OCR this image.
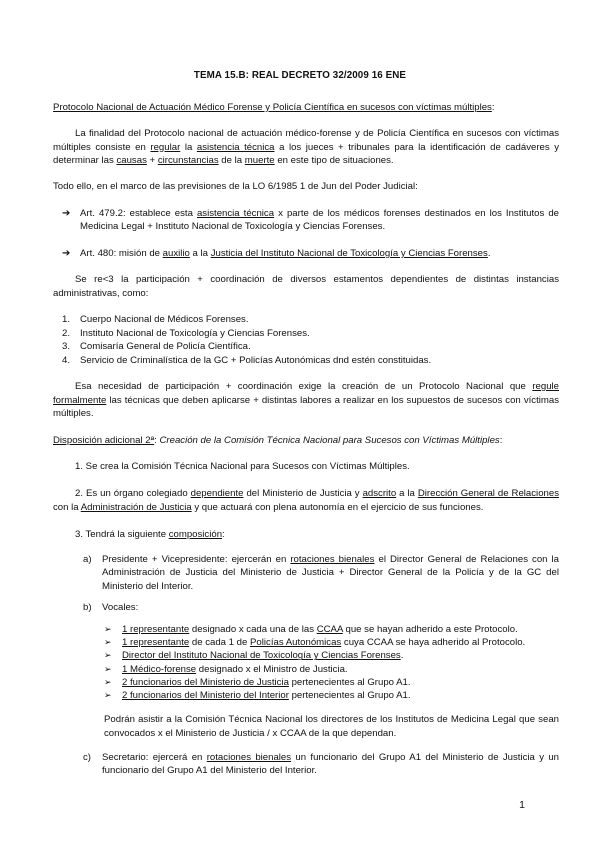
TEMA 15.B: REAL DECRETO 32/2009 16 ENE
Protocolo Nacional de Actuación Médico Forense y Policía Científica en sucesos con víctimas múltiples:
La finalidad del Protocolo nacional de actuación médico-forense y de Policía Científica en sucesos con víctimas múltiples consiste en regular la asistencia técnica a los jueces + tribunales para la identificación de cadáveres y determinar las causas + circunstancias de la muerte en este tipo de situaciones.
Todo ello, en el marco de las previsiones de la LO 6/1985 1 de Jun del Poder Judicial:
➔ Art. 479.2: establece esta asistencia técnica x parte de los médicos forenses destinados en los Institutos de Medicina Legal + Instituto Nacional de Toxicología y Ciencias Forenses.
➔ Art. 480: misión de auxilio a la Justicia del Instituto Nacional de Toxicología y Ciencias Forenses.
Se re<3 la participación + coordinación de diversos estamentos dependientes de distintas instancias administrativas, como:
1.	Cuerpo Nacional de Médicos Forenses.
2.	Instituto Nacional de Toxicología y Ciencias Forenses.
3.	Comisaría General de Policía Científica.
4.	Servicio de Criminalística de la GC + Policías Autonómicas dnd estén constituidas.
Esa necesidad de participación + coordinación exige la creación de un Protocolo Nacional que regule formalmente las técnicas que deben aplicarse + distintas labores a realizar en los supuestos de sucesos con víctimas múltiples.
Disposición adicional 2ª: Creación de la Comisión Técnica Nacional para Sucesos con Víctimas Múltiples:
1. Se crea la Comisión Técnica Nacional para Sucesos con Víctimas Múltiples.
2. Es un órgano colegiado dependiente del Ministerio de Justicia y adscrito a la Dirección General de Relaciones con la Administración de Justicia y que actuará con plena autonomía en el ejercicio de sus funciones.
3. Tendrá la siguiente composición:
a) Presidente + Vicepresidente: ejercerán en rotaciones bienales el Director General de Relaciones con la Administración de Justicia del Ministerio de Justicia + Director General de la Policía y de la GC del Ministerio del Interior.
b) Vocales:
➢	1 representante designado x cada una de las CCAA que se hayan adherido a este Protocolo.
➢	1 representante de cada 1 de Policías Autonómicas cuya CCAA se haya adherido al Protocolo.
➢	Director del Instituto Nacional de Toxicología y Ciencias Forenses.
➢	1 Médico-forense designado x el Ministro de Justicia.
➢	2 funcionarios del Ministerio de Justicia pertenecientes al Grupo A1.
➢	2 funcionarios del Ministerio del Interior pertenecientes al Grupo A1.
Podrán asistir a la Comisión Técnica Nacional los directores de los Institutos de Medicina Legal que sean convocados x el Ministerio de Justicia / x CCAA de la que dependan.
c) Secretario: ejercerá en rotaciones bienales un funcionario del Grupo A1 del Ministerio de Justicia y un funcionario del Grupo A1 del Ministerio del Interior.
1
